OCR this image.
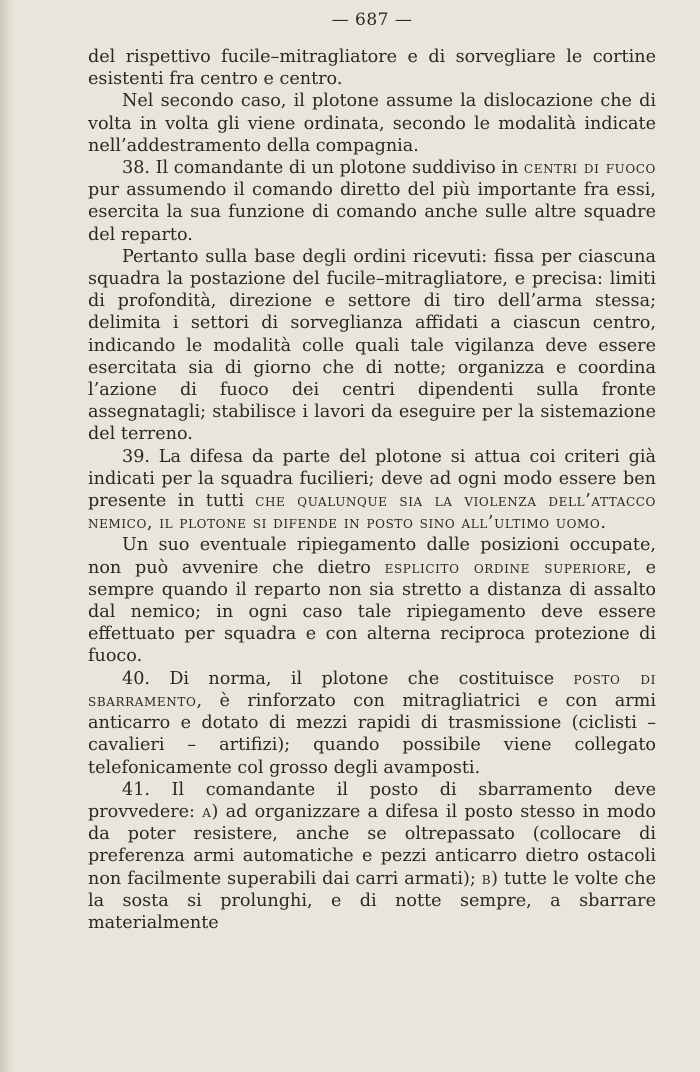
— 687 —

del rispettivo fucile–mitragliatore e di sorvegliare le cortine esistenti fra centro e centro.

Nel secondo caso, il plotone assume la dislocazione che di volta in volta gli viene ordinata, secondo le modalità indicate nell’addestramento della compagnia.

38. Il comandante di un plotone suddiviso in centri di fuoco pur assumendo il comando diretto del più importante fra essi, esercita la sua funzione di comando anche sulle altre squadre del reparto.

Pertanto sulla base degli ordini ricevuti: fissa per ciascuna squadra la postazione del fucile–mitragliatore, e precisa: limiti di profondità, direzione e settore di tiro dell’arma stessa; delimita i settori di sorveglianza affidati a ciascun centro, indicando le modalità colle quali tale vigilanza deve essere esercitata sia di giorno che di notte; organizza e coordina l’azione di fuoco dei centri dipendenti sulla fronte assegnatagli; stabilisce i lavori da eseguire per la sistemazione del terreno.

39. La difesa da parte del plotone si attua coi criteri già indicati per la squadra fucilieri; deve ad ogni modo essere ben presente in tutti che qualunque sia la violenza dell’attacco nemico, il plotone si difende in posto sino all’ultimo uomo.

Un suo eventuale ripiegamento dalle posizioni occupate, non può avvenire che dietro esplicito ordine superiore, e sempre quando il reparto non sia stretto a distanza di assalto dal nemico; in ogni caso tale ripiegamento deve essere effettuato per squadra e con alterna reciproca protezione di fuoco.

40. Di norma, il plotone che costituisce posto di sbarramento, è rinforzato con mitragliatrici e con armi anticarro e dotato di mezzi rapidi di trasmissione (ciclisti – cavalieri – artifizi); quando possibile viene collegato telefonicamente col grosso degli avamposti.

41. Il comandante il posto di sbarramento deve provvedere: a) ad organizzare a difesa il posto stesso in modo da poter resistere, anche se oltrepassato (collocare di preferenza armi automatiche e pezzi anticarro dietro ostacoli non facilmente superabili dai carri armati); b) tutte le volte che la sosta si prolunghi, e di notte sempre, a sbarrare materialmente
